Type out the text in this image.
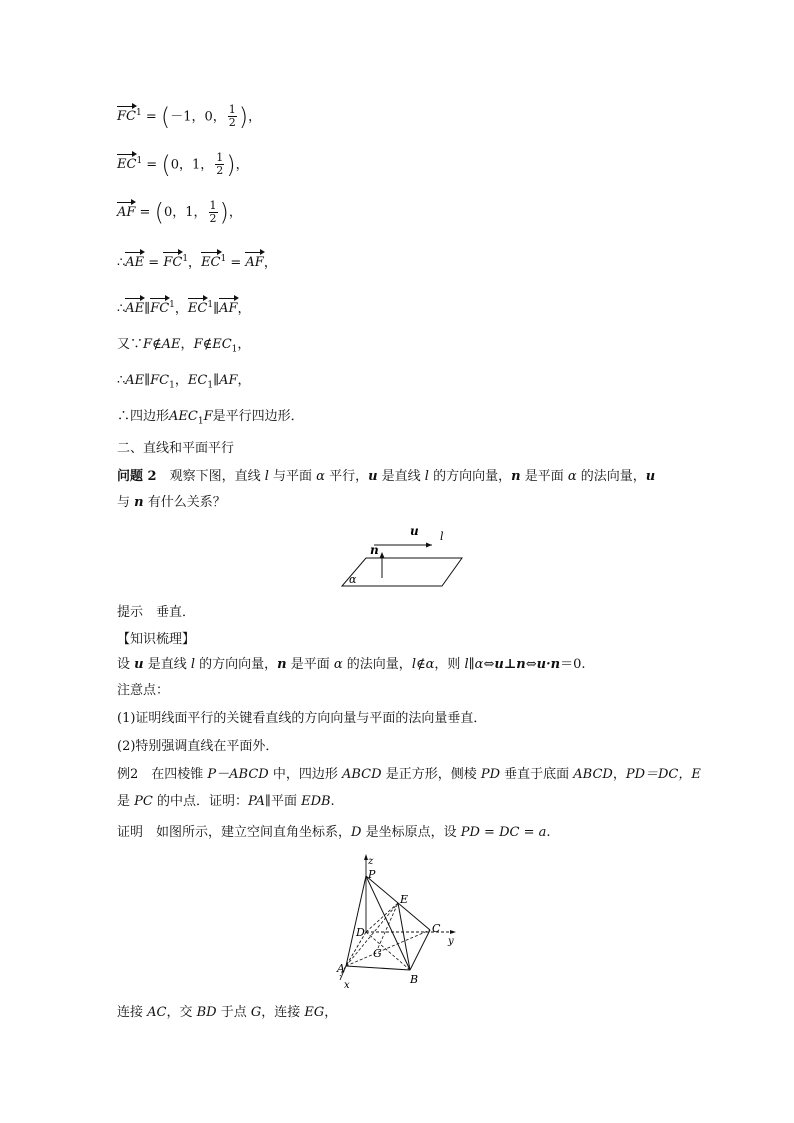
$FC^1 = (-1$，0， $\frac{1}{2}$ )，
$EC^1 = (0$，1， $\frac{1}{2}$ )，
AF = (0，1， $\frac{1}{2}$ )，
∴AE = $FC^1$，$EC^1$ = AF，
$\therefore AE\parallel FC^1$，$EC^1\parallel AF$，
又∵F∉AE，$F\notin EC_1$，
$\therefore AE\parallel FC_1$，$EC_1\parallel AF$，
∴四边形$AEC_1F$是平行四边形．
二、直线和平面平行
问题 2　观察下图，直线 l 与平面 α 平行，u 是直线 l 的方向向量，n 是平面 α 的法向量，u
与 n 有什么关系？
u l
n
α
提示　垂直．
【知识梳理】
设 u 是直线 l 的方向向量，n 是平面 α 的法向量，l∉α，则 l∥α⇔u⊥n⇔u·n＝0.
注意点：
(1)证明线面平行的关键看直线的方向向量与平面的法向量垂直．
(2)特别强调直线在平面外．
例2　在四棱锥 P－ABCD 中，四边形 ABCD 是正方形，侧棱 PD 垂直于底面 ABCD，PD＝DC，E
是 PC 的中点．证明：PA∥平面 EDB.
证明　如图所示，建立空间直角坐标系，D 是坐标原点，设 PD = DC = a.
z
P
E
D	C
y
G
A
B
x
连接 AC，交 BD 于点 G，连接 EG，
